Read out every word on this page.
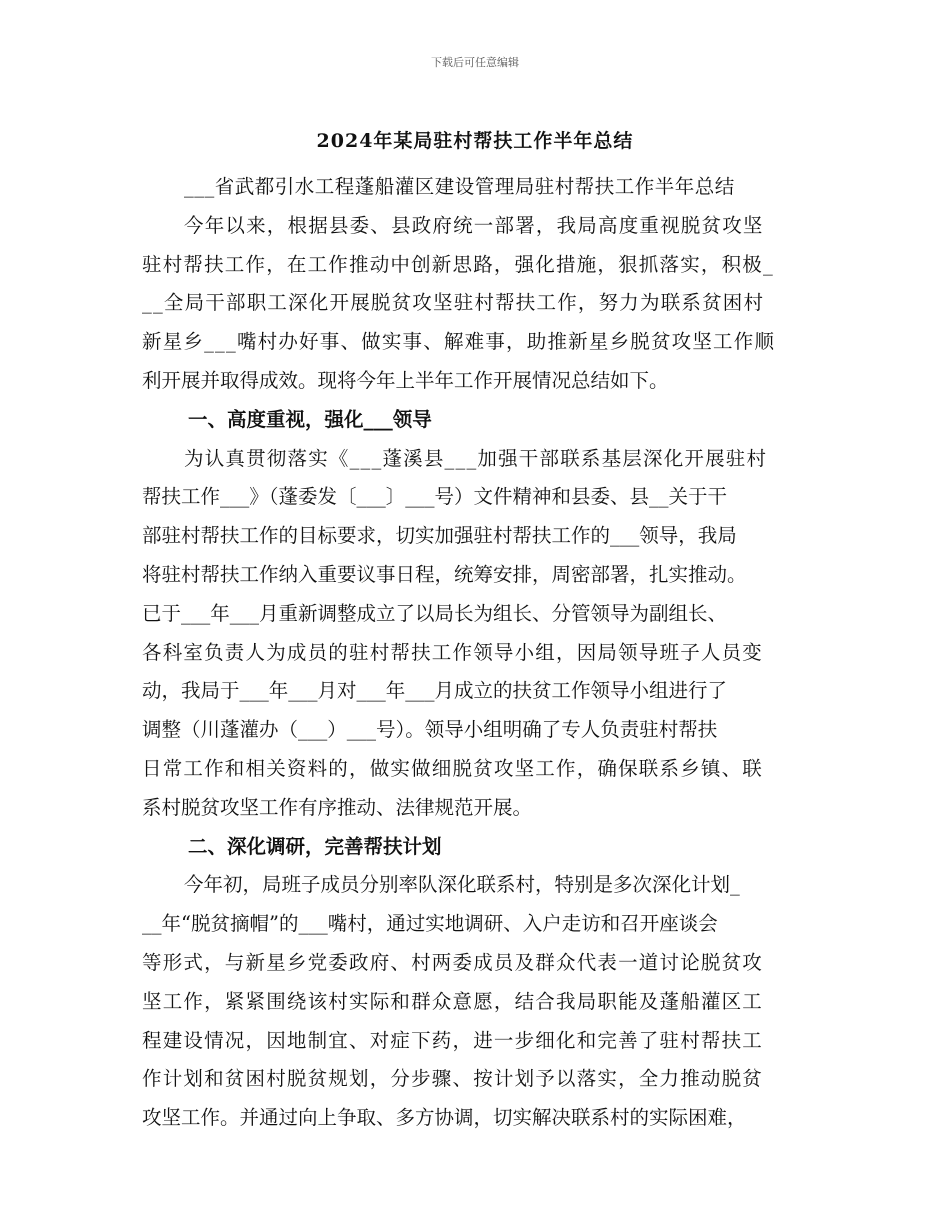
下载后可任意编辑
2024年某局驻村帮扶工作半年总结
___省武都引水工程蓬船灌区建设管理局驻村帮扶工作半年总结
今年以来，根据县委、县政府统一部署，我局高度重视脱贫攻坚
驻村帮扶工作，在工作推动中创新思路，强化措施，狠抓落实，积极_
__全局干部职工深化开展脱贫攻坚驻村帮扶工作，努力为联系贫困村
新星乡___嘴村办好事、做实事、解难事，助推新星乡脱贫攻坚工作顺
利开展并取得成效。现将今年上半年工作开展情况总结如下。
一、高度重视，强化___领导
为认真贯彻落实《___蓬溪县___加强干部联系基层深化开展驻村
帮扶工作___》（蓬委发〔___〕___号）文件精神和县委、县__关于干
部驻村帮扶工作的目标要求，切实加强驻村帮扶工作的___领导，我局
将驻村帮扶工作纳入重要议事日程，统筹安排，周密部署，扎实推动。
已于___年___月重新调整成立了以局长为组长、分管领导为副组长、
各科室负责人为成员的驻村帮扶工作领导小组，因局领导班子人员变
动，我局于___年___月对___年___月成立的扶贫工作领导小组进行了
调整（川蓬灌办（___）___号）。领导小组明确了专人负责驻村帮扶
日常工作和相关资料的，做实做细脱贫攻坚工作，确保联系乡镇、联
系村脱贫攻坚工作有序推动、法律规范开展。
二、深化调研，完善帮扶计划
今年初，局班子成员分别率队深化联系村，特别是多次深化计划_
__年“脱贫摘帽”的___嘴村，通过实地调研、入户走访和召开座谈会
等形式，与新星乡党委政府、村两委成员及群众代表一道讨论脱贫攻
坚工作，紧紧围绕该村实际和群众意愿，结合我局职能及蓬船灌区工
程建设情况，因地制宜、对症下药，进一步细化和完善了驻村帮扶工
作计划和贫困村脱贫规划，分步骤、按计划予以落实，全力推动脱贫
攻坚工作。并通过向上争取、多方协调，切实解决联系村的实际困难，
